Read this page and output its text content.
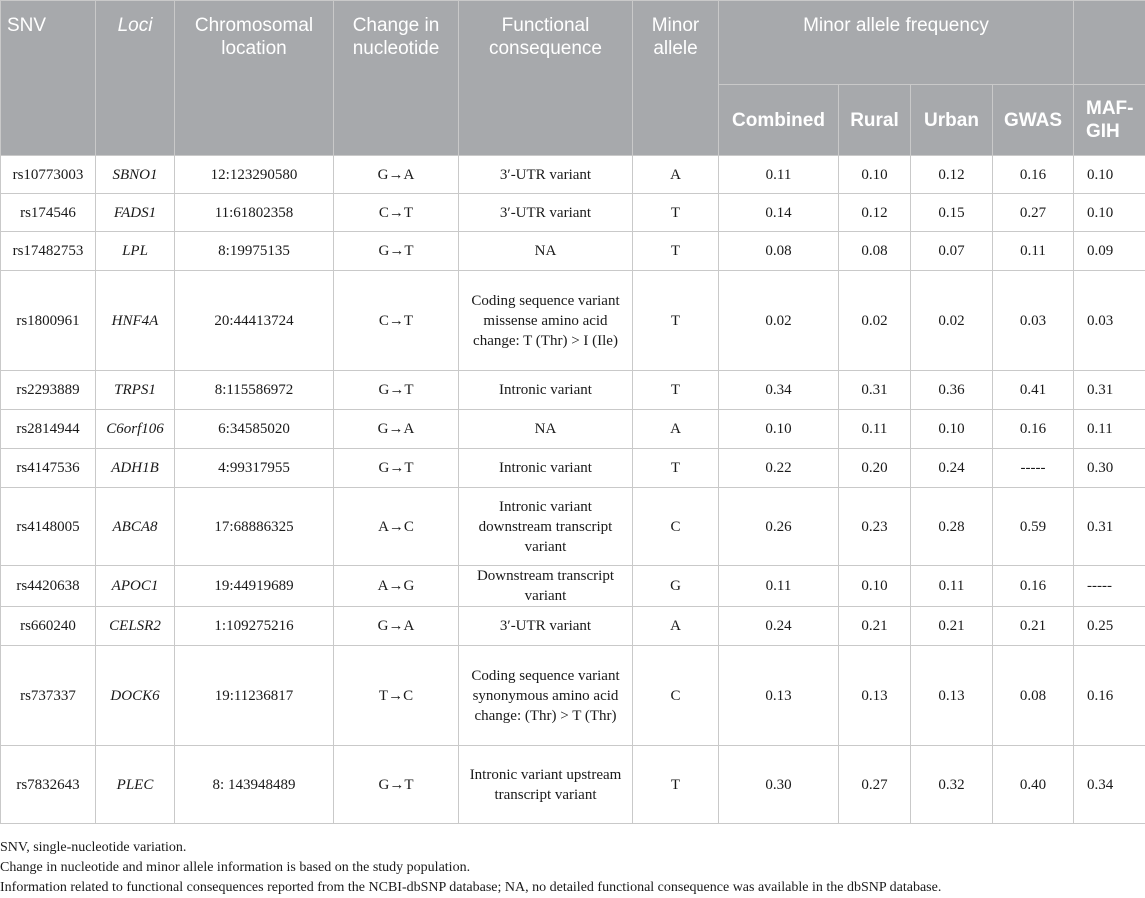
SNV	Loci	Chromosomal location	Change in nucleotide	Functional consequence	Minor allele	Minor allele frequency				
						Combined	Rural	Urban	GWAS	MAF-GIH
rs10773003	SBNO1	12:123290580	G→A	3′-UTR variant	A	0.11	0.10	0.12	0.16	0.10
rs174546	FADS1	11:61802358	C→T	3′-UTR variant	T	0.14	0.12	0.15	0.27	0.10
rs17482753	LPL	8:19975135	G→T	NA	T	0.08	0.08	0.07	0.11	0.09
rs1800961	HNF4A	20:44413724	C→T	Coding sequence variant missense amino acid change: T (Thr) > I (Ile)	T	0.02	0.02	0.02	0.03	0.03
rs2293889	TRPS1	8:115586972	G→T	Intronic variant	T	0.34	0.31	0.36	0.41	0.31
rs2814944	C6orf106	6:34585020	G→A	NA	A	0.10	0.11	0.10	0.16	0.11
rs4147536	ADH1B	4:99317955	G→T	Intronic variant	T	0.22	0.20	0.24	-----	0.30
rs4148005	ABCA8	17:68886325	A→C	Intronic variant downstream transcript variant	C	0.26	0.23	0.28	0.59	0.31
rs4420638	APOC1	19:44919689	A→G	Downstream transcript variant	G	0.11	0.10	0.11	0.16	-----
rs660240	CELSR2	1:109275216	G→A	3′-UTR variant	A	0.24	0.21	0.21	0.21	0.25
rs737337	DOCK6	19:11236817	T→C	Coding sequence variant synonymous amino acid change: (Thr) > T (Thr)	C	0.13	0.13	0.13	0.08	0.16
rs7832643	PLEC	8: 143948489	G→T	Intronic variant upstream transcript variant	T	0.30	0.27	0.32	0.40	0.34

SNV, single-nucleotide variation.

Change in nucleotide and minor allele information is based on the study population.

Information related to functional consequences reported from the NCBI-dbSNP database; NA, no detailed functional consequence was available in the dbSNP database.
